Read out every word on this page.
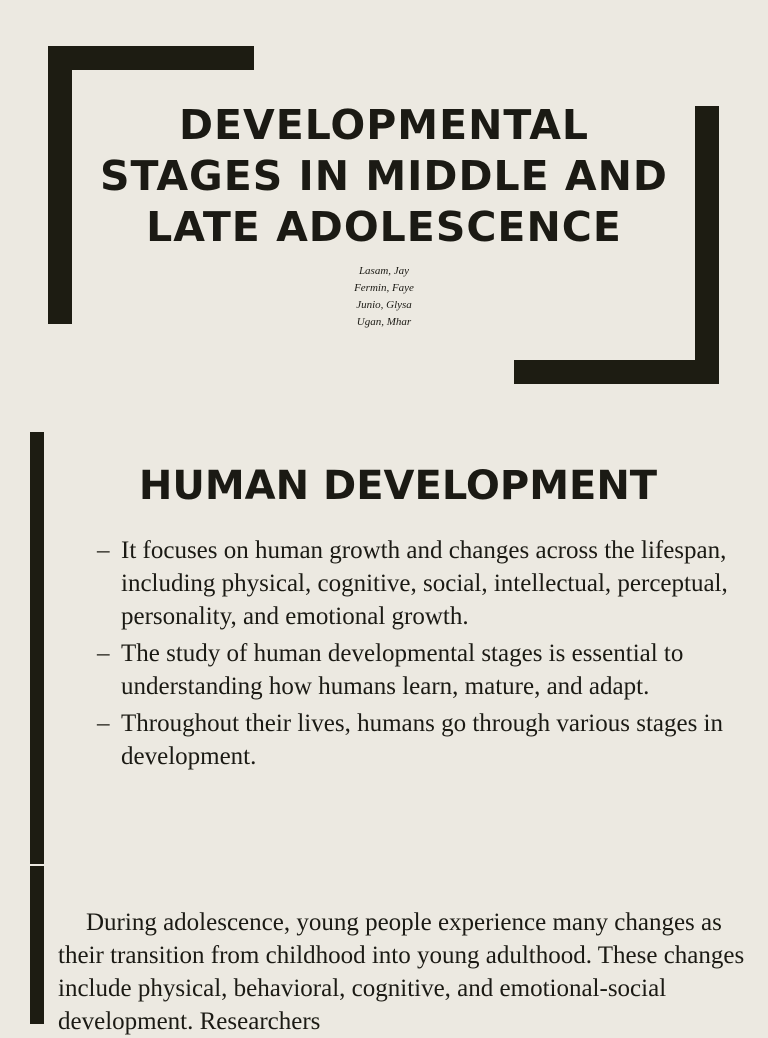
DEVELOPMENTAL STAGES IN MIDDLE AND LATE ADOLESCENCE
Lasam, Jay
Fermin, Faye
Junio, Glysa
Ugan, Mhar
HUMAN DEVELOPMENT
– It focuses on human growth and changes across the lifespan, including physical, cognitive, social, intellectual, perceptual, personality, and emotional growth.
– The study of human developmental stages is essential to understanding how humans learn, mature, and adapt.
– Throughout their lives, humans go through various stages in development.

During adolescence, young people experience many changes as their transition from childhood into young adulthood. These changes include physical, behavioral, cognitive, and emotional-social development. Researchers
